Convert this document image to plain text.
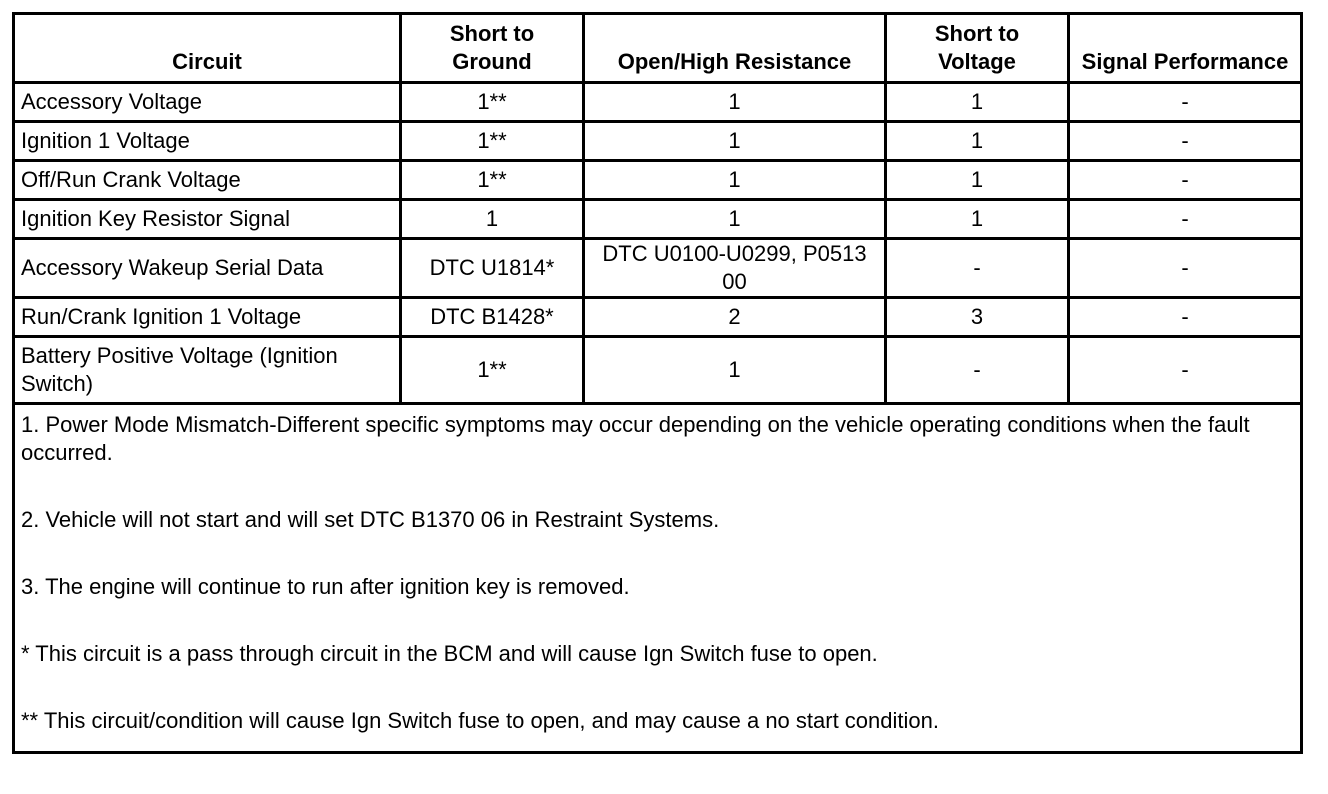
Circuit	Short to Ground	Open/High Resistance	Short to Voltage	Signal Performance
Accessory Voltage	1**	1	1	-
Ignition 1 Voltage	1**	1	1	-
Off/Run Crank Voltage	1**	1	1	-
Ignition Key Resistor Signal	1	1	1	-
Accessory Wakeup Serial Data	DTC U1814*	DTC U0100-U0299, P0513 00	-	-
Run/Crank Ignition 1 Voltage	DTC B1428*	2	3	-
Battery Positive Voltage (Ignition Switch)	1**	1	-	-

1. Power Mode Mismatch-Different specific symptoms may occur depending on the vehicle operating conditions when the fault occurred.

2. Vehicle will not start and will set DTC B1370 06 in Restraint Systems.

3. The engine will continue to run after ignition key is removed.

* This circuit is a pass through circuit in the BCM and will cause Ign Switch fuse to open.

** This circuit/condition will cause Ign Switch fuse to open, and may cause a no start condition.				
